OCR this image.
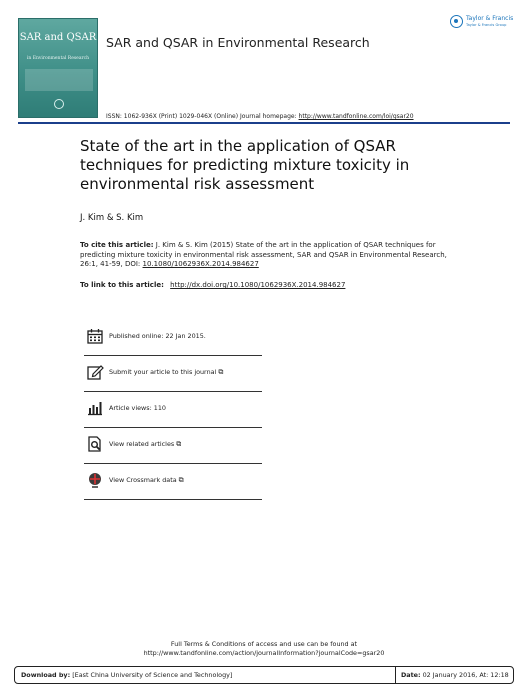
SAR and QSAR
in Environmental Research
SAR and QSAR in Environmental Research
Taylor & Francis
Taylor & Francis Group
ISSN: 1062-936X (Print) 1029-046X (Online) Journal homepage: http://www.tandfonline.com/loi/gsar20
State of the art in the application of QSAR techniques for predicting mixture toxicity in environmental risk assessment
J. Kim & S. Kim
To cite this article: J. Kim & S. Kim (2015) State of the art in the application of QSAR techniques for predicting mixture toxicity in environmental risk assessment, SAR and QSAR in Environmental Research, 26:1, 41-59, DOI: 10.1080/1062936X.2014.984627
To link to this article: http://dx.doi.org/10.1080/1062936X.2014.984627
Published online: 22 Jan 2015.
Submit your article to this journal ⧉
Article views: 110
View related articles ⧉
View Crossmark data ⧉
Full Terms & Conditions of access and use can be found at
http://www.tandfonline.com/action/journalInformation?journalCode=gsar20
Download by: [East China University of Science and Technology]	Date: 02 January 2016, At: 12:18
